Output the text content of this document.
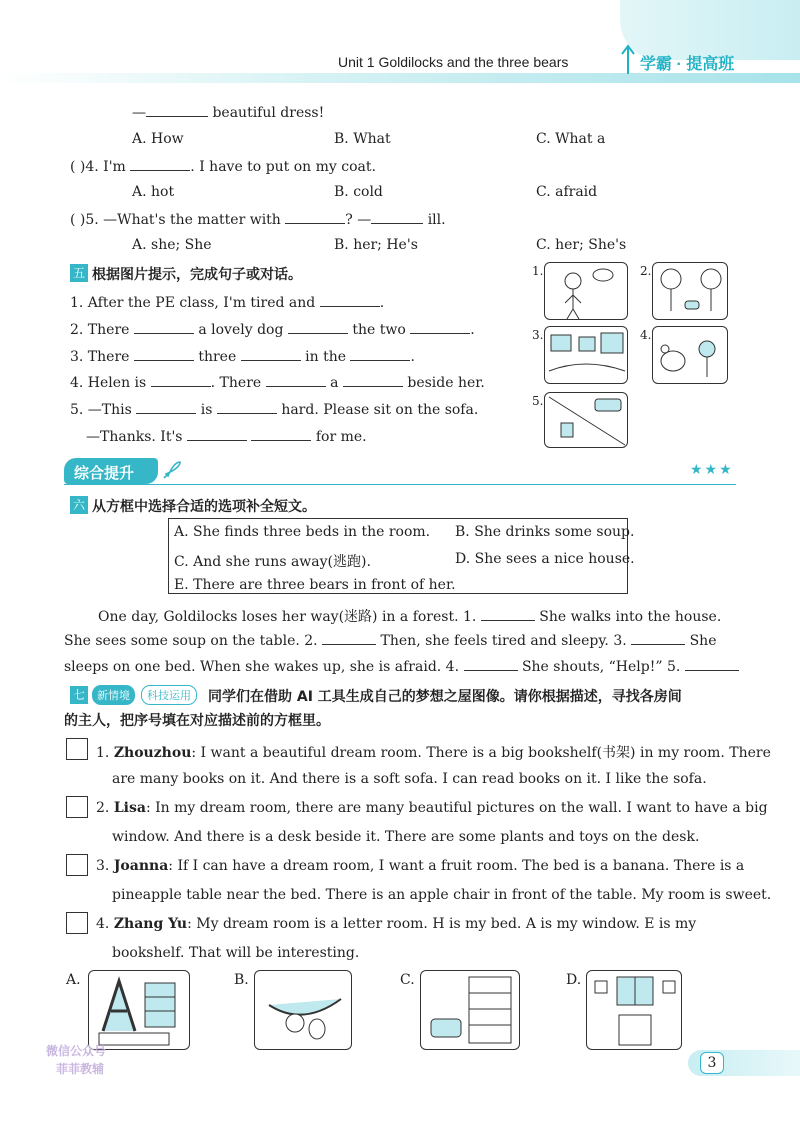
Unit 1 Goldilocks and the three bears	学霸 · 提高班
—	beautiful dress!
A. How	B. What	C. What a
( )4. I'm	. I have to put on my coat.
A. hot	B. cold	C. afraid
( )5. —What's the matter with	? —	ill.
A. she; She	B. her; He's	C. her; She's
五 根据图片提示，完成句子或对话。
1. After the PE class, I'm tired and	.
2. There	a lovely dog	the two	.
3. There	three	in the	.
4. Helen is	. There	a	beside her.
5. —This	is	hard. Please sit on the sofa.
—Thanks. It's	for me.
1.	2.
3.	4.
5.
综合提升	★★★
六 从方框中选择合适的选项补全短文。
A. She finds three beds in the room. B. She drinks some soup.
C. And she runs away(逃跑).	D. She sees a nice house.
E. There are three bears in front of her.
One day, Goldilocks loses her way(迷路) in a forest. 1.	She walks into the house.
She sees some soup on the table. 2.	Then, she feels tired and sleepy. 3.	She
sleeps on one bed. When she wakes up, she is afraid. 4.	She shouts, “Help!” 5.
七	新情境	科技运用	同学们在借助 AI 工具生成自己的梦想之屋图像。请你根据描述，寻找各房间
的主人，把序号填在对应描述前的方框里。
1. Zhouzhou: I want a beautiful dream room. There is a big bookshelf(书架) in my room. There
are many books on it. And there is a soft sofa. I can read books on it. I like the sofa.
2. Lisa: In my dream room, there are many beautiful pictures on the wall. I want to have a big
window. And there is a desk beside it. There are some plants and toys on the desk.
3. Joanna: If I can have a dream room, I want a fruit room. The bed is a banana. There is a
pineapple table near the bed. There is an apple chair in front of the table. My room is sweet.
4. Zhang Yu: My dream room is a letter room. H is my bed. A is my window. E is my
bookshelf. That will be interesting.
A.	B.	C.	D.
3
微信公众号
菲菲教辅
